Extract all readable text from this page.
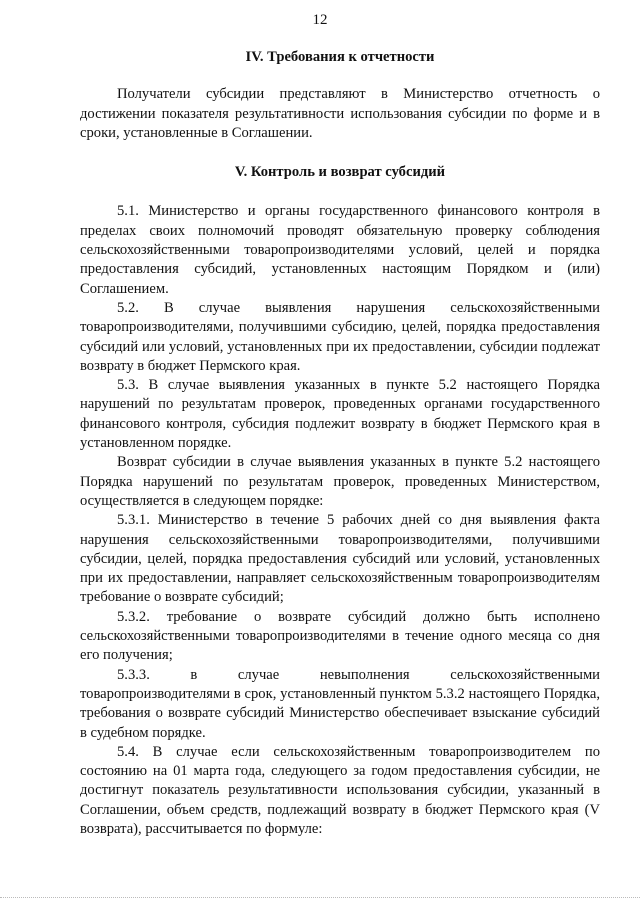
12
IV. Требования к отчетности

Получатели субсидии представляют в Министерство отчетность о достижении показателя результативности использования субсидии по форме и в сроки, установленные в Соглашении.

V. Контроль и возврат субсидий

5.1. Министерство и органы государственного финансового контроля в пределах своих полномочий проводят обязательную проверку соблюдения сельскохозяйственными товаропроизводителями условий, целей и порядка предоставления субсидий, установленных настоящим Порядком и (или) Соглашением.

5.2. В случае выявления нарушения сельскохозяйственными товаропроизводителями, получившими субсидию, целей, порядка предоставления субсидий или условий, установленных при их предоставлении, субсидии подлежат возврату в бюджет Пермского края.

5.3. В случае выявления указанных в пункте 5.2 настоящего Порядка нарушений по результатам проверок, проведенных органами государственного финансового контроля, субсидия подлежит возврату в бюджет Пермского края в установленном порядке.

Возврат субсидии в случае выявления указанных в пункте 5.2 настоящего Порядка нарушений по результатам проверок, проведенных Министерством, осуществляется в следующем порядке:

5.3.1. Министерство в течение 5 рабочих дней со дня выявления факта нарушения сельскохозяйственными товаропроизводителями, получившими субсидии, целей, порядка предоставления субсидий или условий, установленных при их предоставлении, направляет сельскохозяйственным товаропроизводителям требование о возврате субсидий;

5.3.2. требование о возврате субсидий должно быть исполнено сельскохозяйственными товаропроизводителями в течение одного месяца со дня его получения;

5.3.3. в случае невыполнения сельскохозяйственными товаропроизводителями в срок, установленный пунктом 5.3.2 настоящего Порядка, требования о возврате субсидий Министерство обеспечивает взыскание субсидий в судебном порядке.

5.4. В случае если сельскохозяйственным товаропроизводителем по состоянию на 01 марта года, следующего за годом предоставления субсидии, не достигнут показатель результативности использования субсидии, указанный в Соглашении, объем средств, подлежащий возврату в бюджет Пермского края (V возврата), рассчитывается по формуле:
